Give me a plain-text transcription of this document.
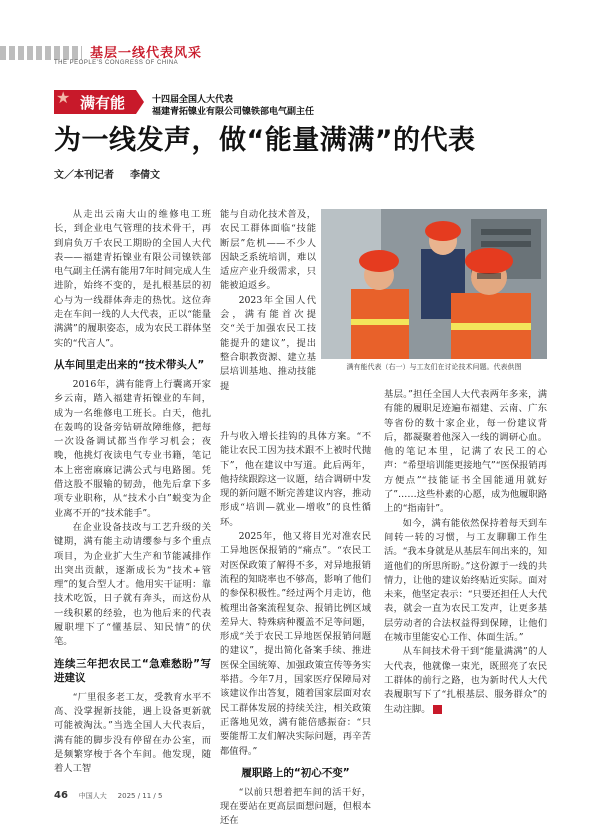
基层一线代表风采
THE PEOPLE'S CONGRESS OF CHINA
★ 满有能	十四届全国人大代表
福建青拓镍业有限公司镍铁部电气副主任
为一线发声，做“能量满满”的代表
文／本刊记者 李倩文

从走出云南大山的维修电工班长，到企业电气管理的技术骨干，再到肩负万千农民工期盼的全国人大代表——福建青拓镍业有限公司镍铁部电气副主任满有能用7年时间完成人生进阶，始终不变的，是扎根基层的初心与为一线群体奔走的热忱。这位奔走在车间一线的人大代表，正以“能量满满”的履职姿态，成为农民工群体坚实的“代言人”。

从车间里走出来的“技术带头人”

2016年，满有能背上行囊离开家乡云南，踏入福建青拓镍业的车间，成为一名维修电工班长。白天，他扎在轰鸣的设备旁钻研故障维修，把每一次设备调试都当作学习机会；夜晚，他挑灯夜读电气专业书籍，笔记本上密密麻麻记满公式与电路图。凭借这股不服输的韧劲，他先后拿下多项专业职称，从“技术小白”蜕变为企业离不开的“技术能手”。

在企业设备技改与工艺升级的关键期，满有能主动请缨参与多个重点项目，为企业扩大生产和节能减排作出突出贡献，逐渐成长为“技术+管理”的复合型人才。他用实干证明：靠技术吃饭，日子就有奔头，而这份从一线积累的经验，也为他后来的代表履职埋下了“懂基层、知民情”的伏笔。

连续三年把农民工“急难愁盼”写进建议

“厂里很多老工友，受教育水平不高、没掌握新技能，遇上设备更新就可能被淘汰。”当选全国人大代表后，满有能的脚步没有停留在办公室，而是频繁穿梭于各个车间。他发现，随着人工智

能与自动化技术普及，农民工群体面临“技能断层”危机——不少人因缺乏系统培训，难以适应产业升级需求，只能被迫返乡。

2023年全国人代会，满有能首次提交“关于加强农民工技能提升的建议”，提出整合职教资源、建立基层培训基地、推动技能提

升与收入增长挂钩的具体方案。“不能让农民工因为技术跟不上被时代抛下”，他在建议中写道。此后两年，他持续跟踪这一议题，结合调研中发现的新问题不断完善建议内容，推动形成“培训—就业—增收”的良性循环。

2025年，他又将目光对准农民工异地医保报销的“痛点”。“农民工对医保政策了解得不多，对异地报销流程的知晓率也不够高，影响了他们的参保积极性。”经过两个月走访，他梳理出备案流程复杂、报销比例区域差异大、特殊病种覆盖不足等问题，形成“关于农民工异地医保报销问题的建议”，提出简化备案手续、推进医保全国统筹、加强政策宣传等务实举措。今年7月，国家医疗保障局对该建议作出答复，随着国家层面对农民工群体发展的持续关注，相关政策正落地见效，满有能倍感振奋：“只要能帮工友们解决实际问题，再辛苦都值得。”

履职路上的“初心不变”

“以前只想着把车间的活干好，现在要站在更高层面想问题，但根本还在

满有能代表（右一）与工友们在讨论技术问题。代表供图

基层。”担任全国人大代表两年多来，满有能的履职足迹遍布福建、云南、广东等省份的数十家企业，每一份建议背后，都凝聚着他深入一线的调研心血。他的笔记本里，记满了农民工的心声：“希望培训能更接地气”“医保报销再方便点”“技能证书全国能通用就好了”……这些朴素的心愿，成为他履职路上的“指南针”。

如今，满有能依然保持着每天到车间转一转的习惯，与工友聊聊工作生活。“我本身就是从基层车间出来的，知道他们的所思所盼。”这份源于一线的共情力，让他的建议始终贴近实际。面对未来，他坚定表示：“只要还担任人大代表，就会一直为农民工发声，让更多基层劳动者的合法权益得到保障，让他们在城市里能安心工作、体面生活。”

从车间技术骨干到“能量满满”的人大代表，他就像一束光，既照亮了农民工群体的前行之路，也为新时代人大代表履职写下了“扎根基层、服务群众”的生动注脚。	★

46 中国人大 2025 / 11 / 5
